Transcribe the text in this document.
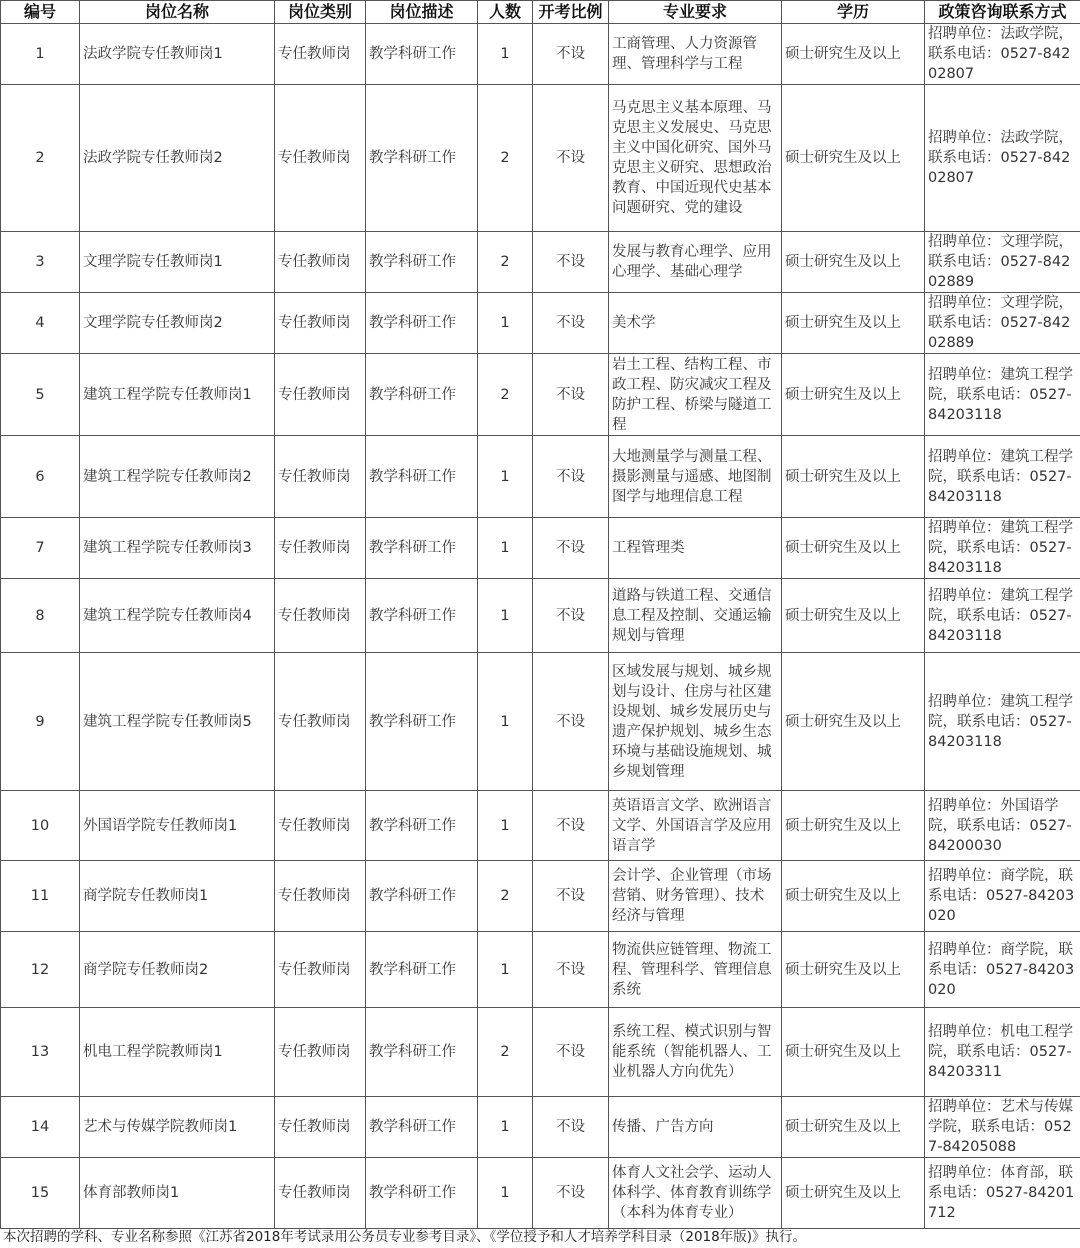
编号	岗位名称	岗位类别	岗位描述	人数	开考比例	专业要求	学历	政策咨询联系方式
1	法政学院专任教师岗1	专任教师岗	教学科研工作	1	不设	工商管理、人力资源管理、管理科学与工程	硕士研究生及以上	招聘单位：法政学院，联系电话：0527-84202807
2	法政学院专任教师岗2	专任教师岗	教学科研工作	2	不设	马克思主义基本原理、马克思主义发展史、马克思主义中国化研究、国外马克思主义研究、思想政治教育、中国近现代史基本问题研究、党的建设	硕士研究生及以上	招聘单位：法政学院，联系电话：0527-84202807
3	文理学院专任教师岗1	专任教师岗	教学科研工作	2	不设	发展与教育心理学、应用心理学、基础心理学	硕士研究生及以上	招聘单位：文理学院，联系电话：0527-84202889
4	文理学院专任教师岗2	专任教师岗	教学科研工作	1	不设	美术学	硕士研究生及以上	招聘单位：文理学院，联系电话：0527-84202889
5	建筑工程学院专任教师岗1	专任教师岗	教学科研工作	2	不设	岩土工程、结构工程、市政工程、防灾减灾工程及防护工程、桥梁与隧道工程	硕士研究生及以上	招聘单位：建筑工程学院，联系电话：0527-84203118
6	建筑工程学院专任教师岗2	专任教师岗	教学科研工作	1	不设	大地测量学与测量工程、摄影测量与遥感、地图制图学与地理信息工程	硕士研究生及以上	招聘单位：建筑工程学院，联系电话：0527-84203118
7	建筑工程学院专任教师岗3	专任教师岗	教学科研工作	1	不设	工程管理类	硕士研究生及以上	招聘单位：建筑工程学院，联系电话：0527-84203118
8	建筑工程学院专任教师岗4	专任教师岗	教学科研工作	1	不设	道路与铁道工程、交通信息工程及控制、交通运输规划与管理	硕士研究生及以上	招聘单位：建筑工程学院，联系电话：0527-84203118
9	建筑工程学院专任教师岗5	专任教师岗	教学科研工作	1	不设	区域发展与规划、城乡规划与设计、住房与社区建设规划、城乡发展历史与遗产保护规划、城乡生态环境与基础设施规划、城乡规划管理	硕士研究生及以上	招聘单位：建筑工程学院，联系电话：0527-84203118
10	外国语学院专任教师岗1	专任教师岗	教学科研工作	1	不设	英语语言文学、欧洲语言文学、外国语言学及应用语言学	硕士研究生及以上	招聘单位：外国语学院，联系电话：0527-84200030
11	商学院专任教师岗1	专任教师岗	教学科研工作	2	不设	会计学、企业管理（市场营销、财务管理）、技术经济与管理	硕士研究生及以上	招聘单位：商学院，联系电话：0527-84203020
12	商学院专任教师岗2	专任教师岗	教学科研工作	1	不设	物流供应链管理、物流工程、管理科学、管理信息系统	硕士研究生及以上	招聘单位：商学院，联系电话：0527-84203020
13	机电工程学院教师岗1	专任教师岗	教学科研工作	2	不设	系统工程、模式识别与智能系统（智能机器人、工业机器人方向优先）	硕士研究生及以上	招聘单位：机电工程学院，联系电话：0527-84203311
14	艺术与传媒学院教师岗1	专任教师岗	教学科研工作	1	不设	传播、广告方向	硕士研究生及以上	招聘单位：艺术与传媒学院，联系电话：0527-84205088
15	体育部教师岗1	专任教师岗	教学科研工作	1	不设	体育人文社会学、运动人体科学、体育教育训练学（本科为体育专业）	硕士研究生及以上	招聘单位：体育部，联系电话：0527-84201712
本次招聘的学科、专业名称参照《江苏省2018年考试录用公务员专业参考目录》、《学位授予和人才培养学科目录（2018年版)》执行。
